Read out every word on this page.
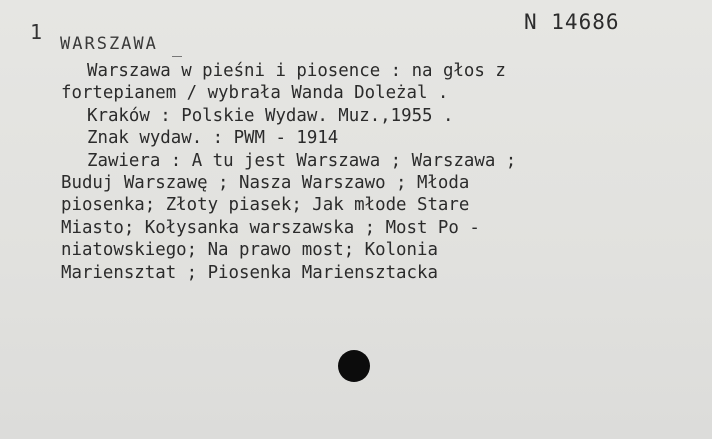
1	N 14686
WARSZAWA
Warszawa w pieśni i piosence : na głos z
fortepianem / wybrała Wanda Doleżal .
Kraków : Polskie Wydaw. Muz.,1955 .
Znak wydaw. : PWM - 1914
Zawiera : A tu jest Warszawa ; Warszawa ;
Buduj Warszawę ; Nasza Warszawo ; Młoda
piosenka; Złoty piasek; Jak młode Stare
Miasto; Kołysanka warszawska ; Most Po -
niatowskiego; Na prawo most; Kolonia
Mariensztat ; Piosenka Mariensztacka
